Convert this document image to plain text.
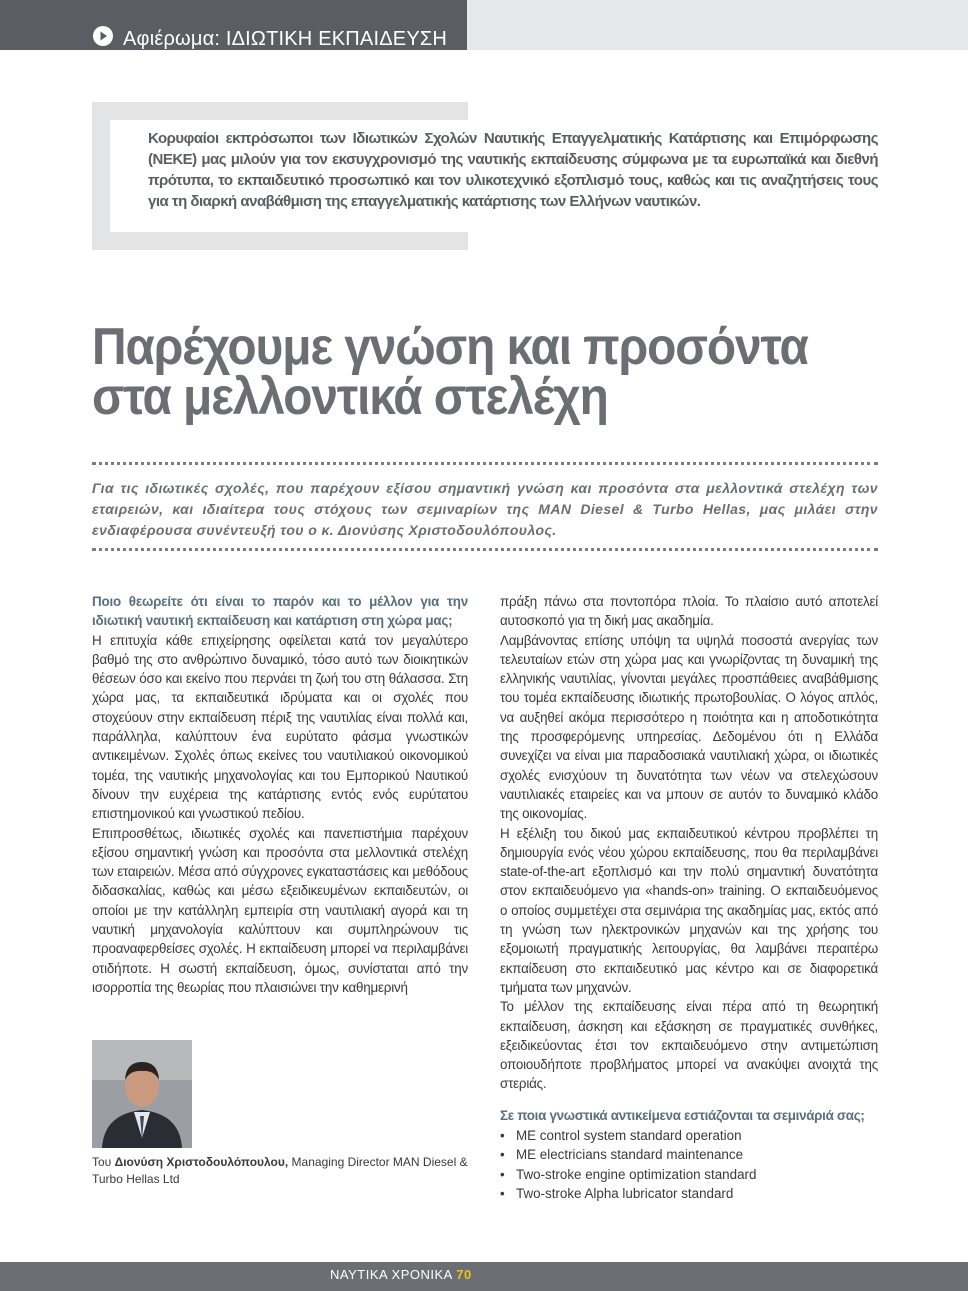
Αφιέρωμα: ΙΔΙΩΤΙΚΗ ΕΚΠΑΙΔΕΥΣΗ
Κορυφαίοι εκπρόσωποι των Ιδιωτικών Σχολών Ναυτικής Επαγγελματικής Κατάρτισης και Επιμόρφωσης (ΝΕΚΕ) μας μιλούν για τον εκσυγχρονισμό της ναυτικής εκπαίδευσης σύμφωνα με τα ευρωπαϊκά και διεθνή πρότυπα, το εκπαιδευτικό προσωπικό και τον υλικοτεχνικό εξοπλισμό τους, καθώς και τις αναζητήσεις τους για τη διαρκή αναβάθμιση της επαγγελματικής κατάρτισης των Ελλήνων ναυτικών.
Παρέχουμε γνώση και προσόντα
στα μελλοντικά στελέχη
Για τις ιδιωτικές σχολές, που παρέχουν εξίσου σημαντική γνώση και προσόντα στα μελλοντικά στελέχη των εταιρειών, και ιδιαίτερα τους στόχους των σεμιναρίων της MAN Diesel & Turbo Hellas, μας μιλάει στην ενδιαφέρουσα συνέντευξή του ο κ. Διονύσης Χριστοδουλόπουλος.

Ποιο θεωρείτε ότι είναι το παρόν και το μέλλον για την ιδιωτική ναυτική εκπαίδευση και κατάρτιση στη χώρα μας;

Η επιτυχία κάθε επιχείρησης οφείλεται κατά τον μεγαλύτερο βαθμό της στο ανθρώπινο δυναμικό, τόσο αυτό των διοικητικών θέσεων όσο και εκείνο που περνάει τη ζωή του στη θάλασσα. Στη χώρα μας, τα εκπαιδευτικά ιδρύματα και οι σχολές που στοχεύουν στην εκπαίδευση πέριξ της ναυτιλίας είναι πολλά και, παράλληλα, καλύπτουν ένα ευρύτατο φάσμα γνωστικών αντικειμένων. Σχολές όπως εκείνες του ναυτιλιακού οικονομικού τομέα, της ναυτικής μηχανολογίας και του Εμπορικού Ναυτικού δίνουν την ευχέρεια της κατάρτισης εντός ενός ευρύτατου επιστημονικού και γνωστικού πεδίου.

Επιπροσθέτως, ιδιωτικές σχολές και πανεπιστήμια παρέχουν εξίσου σημαντική γνώση και προσόντα στα μελλοντικά στελέχη των εταιρειών. Μέσα από σύγχρονες εγκαταστάσεις και μεθόδους διδασκαλίας, καθώς και μέσω εξειδικευμένων εκπαιδευτών, οι οποίοι με την κατάλληλη εμπειρία στη ναυτιλιακή αγορά και τη ναυτική μηχανολογία καλύπτουν και συμπληρώνουν τις προαναφερθείσες σχολές. Η εκπαίδευση μπορεί να περιλαμβάνει οτιδήποτε. Η σωστή εκπαίδευση, όμως, συνίσταται από την ισορροπία της θεωρίας που πλαισιώνει την καθημερινή

Του Διονύση Χριστοδουλόπουλου, Managing Director MAN Diesel & Turbo Hellas Ltd

πράξη πάνω στα ποντοπόρα πλοία. Το πλαίσιο αυτό αποτελεί αυτοσκοπό για τη δική μας ακαδημία.

Λαμβάνοντας επίσης υπόψη τα υψηλά ποσοστά ανεργίας των τελευταίων ετών στη χώρα μας και γνωρίζοντας τη δυναμική της ελληνικής ναυτιλίας, γίνονται μεγάλες προσπάθειες αναβάθμισης του τομέα εκπαίδευσης ιδιωτικής πρωτοβουλίας. Ο λόγος απλός, να αυξηθεί ακόμα περισσότερο η ποιότητα και η αποδοτικότητα της προσφερόμενης υπηρεσίας. Δεδομένου ότι η Ελλάδα συνεχίζει να είναι μια παραδοσιακά ναυτιλιακή χώρα, οι ιδιωτικές σχολές ενισχύουν τη δυνατότητα των νέων να στελεχώσουν ναυτιλιακές εταιρείες και να μπουν σε αυτόν το δυναμικό κλάδο της οικονομίας.

Η εξέλιξη του δικού μας εκπαιδευτικού κέντρου προβλέπει τη δημιουργία ενός νέου χώρου εκπαίδευσης, που θα περιλαμβάνει state-of-the-art εξοπλισμό και την πολύ σημαντική δυνατότητα στον εκπαιδευόμενο για «hands-on» training. Ο εκπαιδευόμενος ο οποίος συμμετέχει στα σεμινάρια της ακαδημίας μας, εκτός από τη γνώση των ηλεκτρονικών μηχανών και της χρήσης του εξομοιωτή πραγματικής λειτουργίας, θα λαμβάνει περαιτέρω εκπαίδευση στο εκπαιδευτικό μας κέντρο και σε διαφορετικά τμήματα των μηχανών.

Το μέλλον της εκπαίδευσης είναι πέρα από τη θεωρητική εκπαίδευση, άσκηση και εξάσκηση σε πραγματικές συνθήκες, εξειδικεύοντας έτσι τον εκπαιδευόμενο στην αντιμετώπιση οποιουδήποτε προβλήματος μπορεί να ανακύψει ανοιχτά της στεριάς.

Σε ποια γνωστικά αντικείμενα εστιάζονται τα σεμινάριά σας;
• ME control system standard operation
• ME electricians standard maintenance
• Two-stroke engine optimization standard
• Two-stroke Alpha lubricator standard
ΝΑΥΤΙΚΑ ΧΡΟΝΙΚΑ 70
